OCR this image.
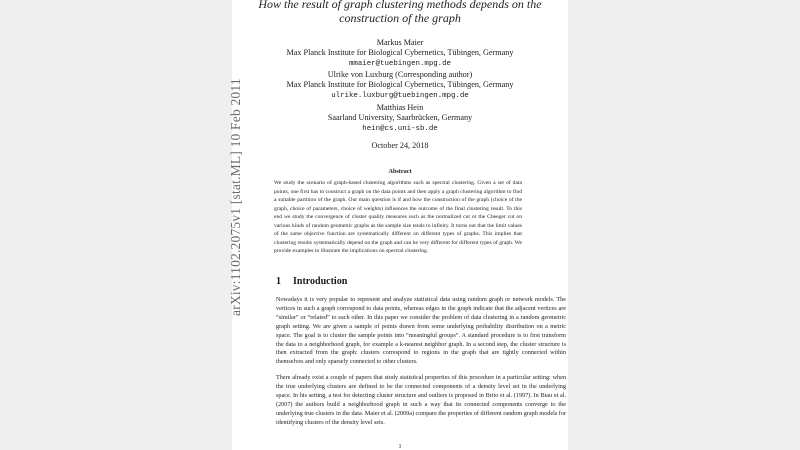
arXiv:1102.2075v1 [stat.ML] 10 Feb 2011
How the result of graph clustering methods depends on the construction of the graph
Markus Maier
Max Planck Institute for Biological Cybernetics, Tübingen, Germany
mmaier@tuebingen.mpg.de
Ulrike von Luxburg (Corresponding author)
Max Planck Institute for Biological Cybernetics, Tübingen, Germany
ulrike.luxburg@tuebingen.mpg.de
Matthias Hein
Saarland University, Saarbrücken, Germany
hein@cs.uni-sb.de
October 24, 2018
Abstract
We study the scenario of graph-based clustering algorithms such as spectral clustering. Given a set of data points, one first has to construct a graph on the data points and then apply a graph clustering algorithm to find a suitable partition of the graph. Our main question is if and how the construction of the graph (choice of the graph, choice of parameters, choice of weights) influences the outcome of the final clustering result. To this end we study the convergence of cluster quality measures such as the normalized cut or the Cheeger cut on various kinds of random geometric graphs as the sample size tends to infinity. It turns out that the limit values of the same objective function are systematically different on different types of graphs. This implies that clustering results systematically depend on the graph and can be very different for different types of graph. We provide examples to illustrate the implications on spectral clustering.
1 Introduction
Nowadays it is very popular to represent and analyze statistical data using random graph or network models. The vertices in such a graph correspond to data points, whereas edges in the graph indicate that the adjacent vertices are “similar” or “related” to each other. In this paper we consider the problem of data clustering in a random geometric graph setting. We are given a sample of points drawn from some underlying probability distribution on a metric space. The goal is to cluster the sample points into “meaningful groups”. A standard procedure is to first transform the data to a neighborhood graph, for example a k-nearest neighbor graph. In a second step, the cluster structure is then extracted from the graph: clusters correspond to regions in the graph that are tightly connected within themselves and only sparsely connected to other clusters.
There already exist a couple of papers that study statistical properties of this procedure in a particular setting: when the true underlying clusters are defined to be the connected components of a density level set in the underlying space. In his setting, a test for detecting cluster structure and outliers is proposed in Brito et al. (1997). In Biau et al. (2007) the authors build a neighborhood graph in such a way that its connected components converge to the underlying true clusters in the data. Maier et al. (2009a) compare the properties of different random graph models for identifying clusters of the density level sets.
1
